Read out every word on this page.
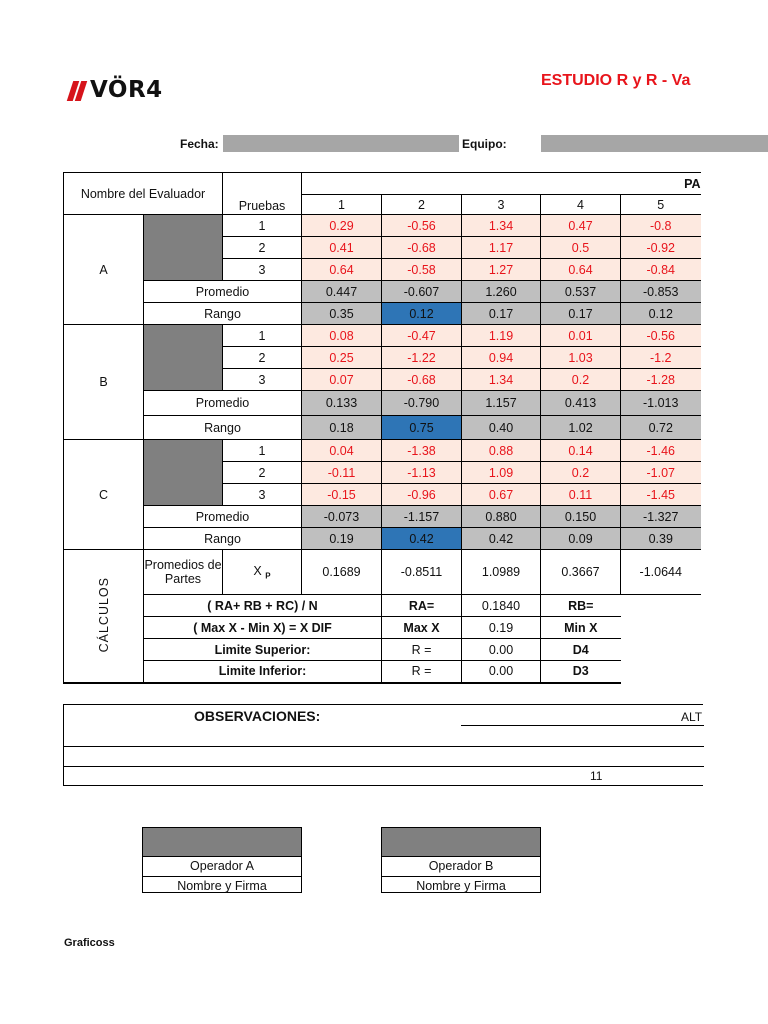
VÖR4	ESTUDIO R y R - Va
Fecha:	Equipo:
Nombre del Evaluador		Pruebas	PA				
			1	2	3	4	5
A		1	0.29	-0.56	1.34	0.47	-0.8
		2	0.41	-0.68	1.17	0.5	-0.92
		3	0.64	-0.58	1.27	0.64	-0.84
	Promedio		0.447	-0.607	1.260	0.537	-0.853
	Rango		0.35	0.12	0.17	0.17	0.12
B		1	0.08	-0.47	1.19	0.01	-0.56
		2	0.25	-1.22	0.94	1.03	-1.2
		3	0.07	-0.68	1.34	0.2	-1.28
	Promedio		0.133	-0.790	1.157	0.413	-1.013
	Rango		0.18	0.75	0.40	1.02	0.72
C		1	0.04	-1.38	0.88	0.14	-1.46
		2	-0.11	-1.13	1.09	0.2	-1.07
		3	-0.15	-0.96	0.67	0.11	-1.45
	Promedio		-0.073	-1.157	0.880	0.150	-1.327
	Rango		0.19	0.42	0.42	0.09	0.39
CÁLCULOS	Promedios de Partes	X $_P$	0.1689	-0.8511	1.0989	0.3667	-1.0644
	( RA+ RB + RC) / N			RA=	0.1840	RB=	
	( Max X - Min X) = X DIF			Max X	0.19	Min X	
	Limite Superior:			R =	0.00	D4	
	Limite Inferior:			R =	0.00	D3	
OBSERVACIONES:	ALT
11
Operador A
Nombre y Firma
Operador B
Nombre y Firma
Graficoss
